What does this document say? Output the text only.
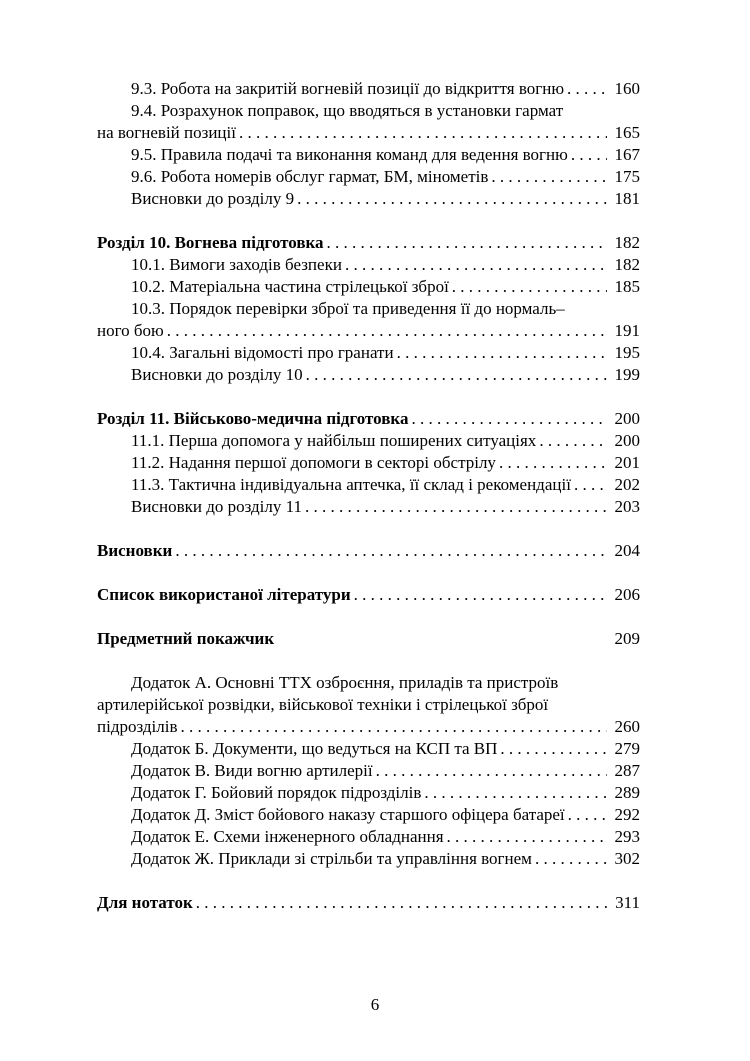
9.3. Робота на закритій вогневій позиції до відкриття вогню . . .	160
9.4. Розрахунок поправок, що вводяться в установки гармат
на вогневій позиції . . .	165
9.5. Правила подачі та виконання команд для ведення вогню . . .	167
9.6. Робота номерів обслуг гармат, БМ, мінометів . . .	175
Висновки до розділу 9 . . .	181
Розділ 10. Вогнева підготовка . . .	182
10.1. Вимоги заходів безпеки . . .	182
10.2. Матеріальна частина стрілецької зброї . . .	185
10.3. Порядок перевірки зброї та приведення її до нормаль–
ного бою . . .	191
10.4. Загальні відомості про гранати . . .	195
Висновки до розділу 10 . . .	199
Розділ 11. Військово-медична підготовка . . .	200
11.1. Перша допомога у найбільш поширених ситуаціях . . .	200
11.2. Надання першої допомоги в секторі обстрілу . . .	201
11.3. Тактична індивідуальна аптечка, її склад і рекомендації . . .	202
Висновки до розділу 11 . . .	203
Висновки . . .	204
Список використаної літератури . . .	206
Предметний покажчик	209
Додаток А. Основні ТТХ озброєння, приладів та пристроїв
артилерійської розвідки, військової техніки і стрілецької зброї
підрозділів . . .	260
Додаток Б. Документи, що ведуться на КСП та ВП . . .	279
Додаток В. Види вогню артилерії . . .	287
Додаток Г. Бойовий порядок підрозділів . . .	289
Додаток Д. Зміст бойового наказу старшого офіцера батареї . . .	292
Додаток Е. Схеми інженерного обладнання . . .	293
Додаток Ж. Приклади зі стрільби та управління вогнем . . .	302
Для нотаток . . .	311
6
